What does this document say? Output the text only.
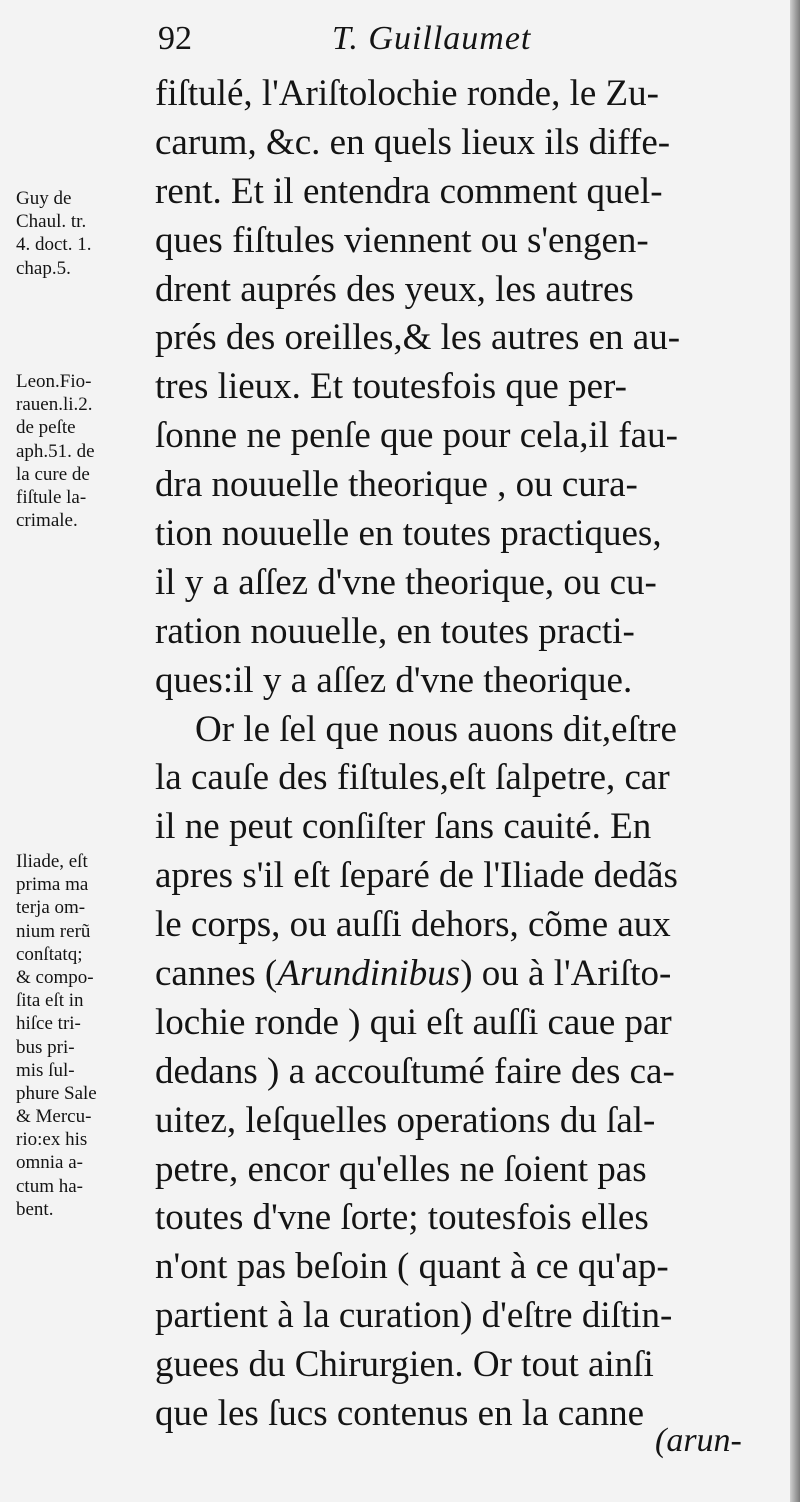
92	T. Guillaumet
Guy de
Chaul. tr.
4. doct. 1.
chap.5.
Leon.Fio-
rauen.li.2.
de peſte
aph.51. de
la cure de
fiſtule la-
crimale.
Iliade, eſt
prima ma
terja om-
nium rerũ
conſtatq;
& compo-
ſita eſt in
hiſce tri-
bus pri-
mis ſul-
phure Sale
& Mercu-
rio:ex his
omnia a-
ctum ha-
bent.
fiſtulé, l'Ariſtolochie ronde, le Zu-
carum, &c. en quels lieux ils diffe-
rent. Et il entendra comment quel-
ques fiſtules viennent ou s'engen-
drent auprés des yeux, les autres
prés des oreilles,& les autres en au-
tres lieux. Et toutesfois que per-
ſonne ne penſe que pour cela,il fau-
dra nouuelle theorique , ou cura-
tion nouuelle en toutes practiques,
il y a aſſez d'vne theorique, ou cu-
ration nouuelle, en toutes practi-
ques:il y a aſſez d'vne theorique.
Or le ſel que nous auons dit,eſtre
la cauſe des fiſtules,eſt ſalpetre, car
il ne peut conſiſter ſans cauité. En
apres s'il eſt ſeparé de l'Iliade dedãs
le corps, ou auſſi dehors, cõme aux
cannes (Arundinibus) ou à l'Ariſto-
lochie ronde ) qui eſt auſſi caue par
dedans ) a accouſtumé faire des ca-
uitez, leſquelles operations du ſal-
petre, encor qu'elles ne ſoient pas
toutes d'vne ſorte; toutesfois elles
n'ont pas beſoin ( quant à ce qu'ap-
partient à la curation) d'eſtre diſtin-
guees du Chirurgien. Or tout ainſi
que les ſucs contenus en la canne
(arun-
